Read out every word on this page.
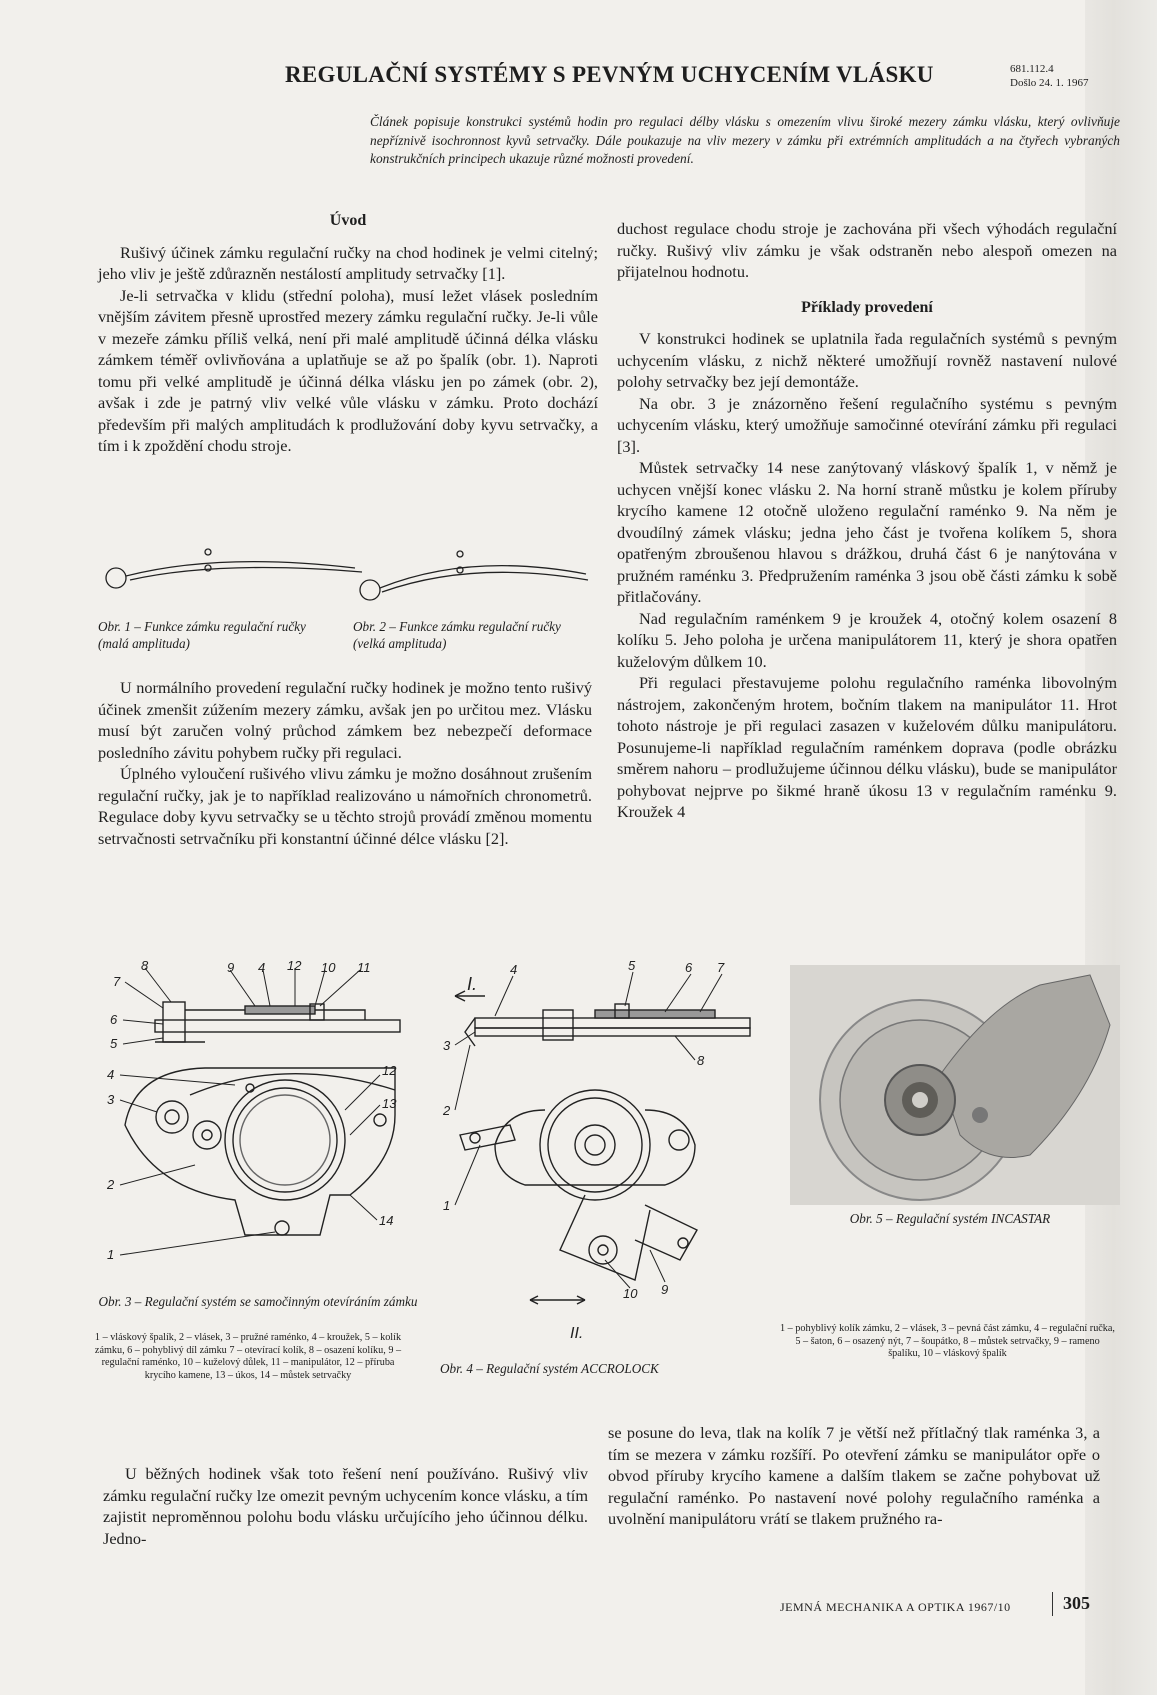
REGULAČNÍ SYSTÉMY S PEVNÝM UCHYCENÍM VLÁSKU	681.112.4
Došlo 24. 1. 1967
Článek popisuje konstrukci systémů hodin pro regulaci délby vlásku s omezením vlivu široké mezery zámku vlásku, který ovlivňuje nepříznivě isochronnost kyvů setrvačky. Dále poukazuje na vliv mezery v zámku při extrémních amplitudách a na čtyřech vybraných konstrukčních principech ukazuje různé možnosti provedení.
Úvod

Rušivý účinek zámku regulační ručky na chod hodinek je velmi citelný; jeho vliv je ještě zdůrazněn nestálostí amplitudy setrvačky [1].

Je-li setrvačka v klidu (střední poloha), musí ležet vlásek posledním vnějším závitem přesně uprostřed mezery zámku regulační ručky. Je-li vůle v mezeře zámku příliš velká, není při malé amplitudě účinná délka vlásku zámkem téměř ovlivňována a uplatňuje se až po špalík (obr. 1). Naproti tomu při velké amplitudě je účinná délka vlásku jen po zámek (obr. 2), avšak i zde je patrný vliv velké vůle vlásku v zámku. Proto dochází především při malých amplitudách k prodlužování doby kyvu setrvačky, a tím i k zpoždění chodu stroje.

Obr. 1 – Funkce zámku regulační ručky (malá amplituda)
Obr. 2 – Funkce zámku regulační ručky (velká amplituda)

U normálního provedení regulační ručky hodinek je možno tento rušivý účinek zmenšit zúžením mezery zámku, avšak jen po určitou mez. Vlásku musí být zaručen volný průchod zámkem bez nebezpečí deformace posledního závitu pohybem ručky při regulaci.

Úplného vyloučení rušivého vlivu zámku je možno dosáhnout zrušením regulační ručky, jak je to například realizováno u námořních chronometrů. Regulace doby kyvu setrvačky se u těchto strojů provádí změnou momentu setrvačnosti setrvačníku při konstantní účinné délce vlásku [2].

duchost regulace chodu stroje je zachována při všech výhodách regulační ručky. Rušivý vliv zámku je však odstraněn nebo alespoň omezen na přijatelnou hodnotu.

Příklady provedení

V konstrukci hodinek se uplatnila řada regulačních systémů s pevným uchycením vlásku, z nichž některé umožňují rovněž nastavení nulové polohy setrvačky bez její demontáže.

Na obr. 3 je znázorněno řešení regulačního systému s pevným uchycením vlásku, který umožňuje samočinné otevírání zámku při regulaci [3].

Můstek setrvačky 14 nese zanýtovaný vláskový špalík 1, v němž je uchycen vnější konec vlásku 2. Na horní straně můstku je kolem příruby krycího kamene 12 otočně uloženo regulační raménko 9. Na něm je dvoudílný zámek vlásku; jedna jeho část je tvořena kolíkem 5, shora opatřeným zbroušenou hlavou s drážkou, druhá část 6 je nanýtována v pružném raménku 3. Předpružením raménka 3 jsou obě části zámku k sobě přitlačovány.

Nad regulačním raménkem 9 je kroužek 4, otočný kolem osazení 8 kolíku 5. Jeho poloha je určena manipulátorem 11, který je shora opatřen kuželovým důlkem 10.

Při regulaci přestavujeme polohu regulačního raménka libovolným nástrojem, zakončeným hrotem, bočním tlakem na manipulátor 11. Hrot tohoto nástroje je při regulaci zasazen v kuželovém důlku manipulátoru. Posunujeme-li například regulačním raménkem doprava (podle obrázku směrem nahoru – prodlužujeme účinnou délku vlásku), bude se manipulátor pohybovat nejprve po šikmé hraně úkosu 13 v regulačním raménku 9. Kroužek 4

7
8	9 4 12 10 11
6
5
4
3
12
13
2
14
1
Obr. 3 – Regulační systém se samočinným otevíráním zámku
1 – vláskový špalík, 2 – vlásek, 3 – pružné raménko, 4 – kroužek, 5 – kolík zámku, 6 – pohyblivý díl zámku 7 – otevírací kolík, 8 – osazení kolíku, 9 – regulační raménko, 10 – kuželový důlek, 11 – manipulátor, 12 – příruba krycího kamene, 13 – úkos, 14 – můstek setrvačky
4	5	6 7
I.
3
8
2
1
10 9
II.
Obr. 4 – Regulační systém ACCROLOCK
Obr. 5 – Regulační systém INCASTAR
1 – pohyblivý kolík zámku, 2 – vlásek, 3 – pevná část zámku, 4 – regulační ručka, 5 – šaton, 6 – osazený nýt, 7 – šoupátko, 8 – můstek setrvačky, 9 – rameno špalíku, 10 – vláskový špalík

U běžných hodinek však toto řešení není používáno. Rušivý vliv zámku regulační ručky lze omezit pevným uchycením konce vlásku, a tím zajistit neproměnnou polohu bodu vlásku určujícího jeho účinnou délku. Jedno-

se posune do leva, tlak na kolík 7 je větší než přítlačný tlak raménka 3, a tím se mezera v zámku rozšíří. Po otevření zámku se manipulátor opře o obvod příruby krycího kamene a dalším tlakem se začne pohybovat už regulační raménko. Po nastavení nové polohy regulačního raménka a uvolnění manipulátoru vrátí se tlakem pružného ra-

JEMNÁ MECHANIKA A OPTIKA 1967/10	305
